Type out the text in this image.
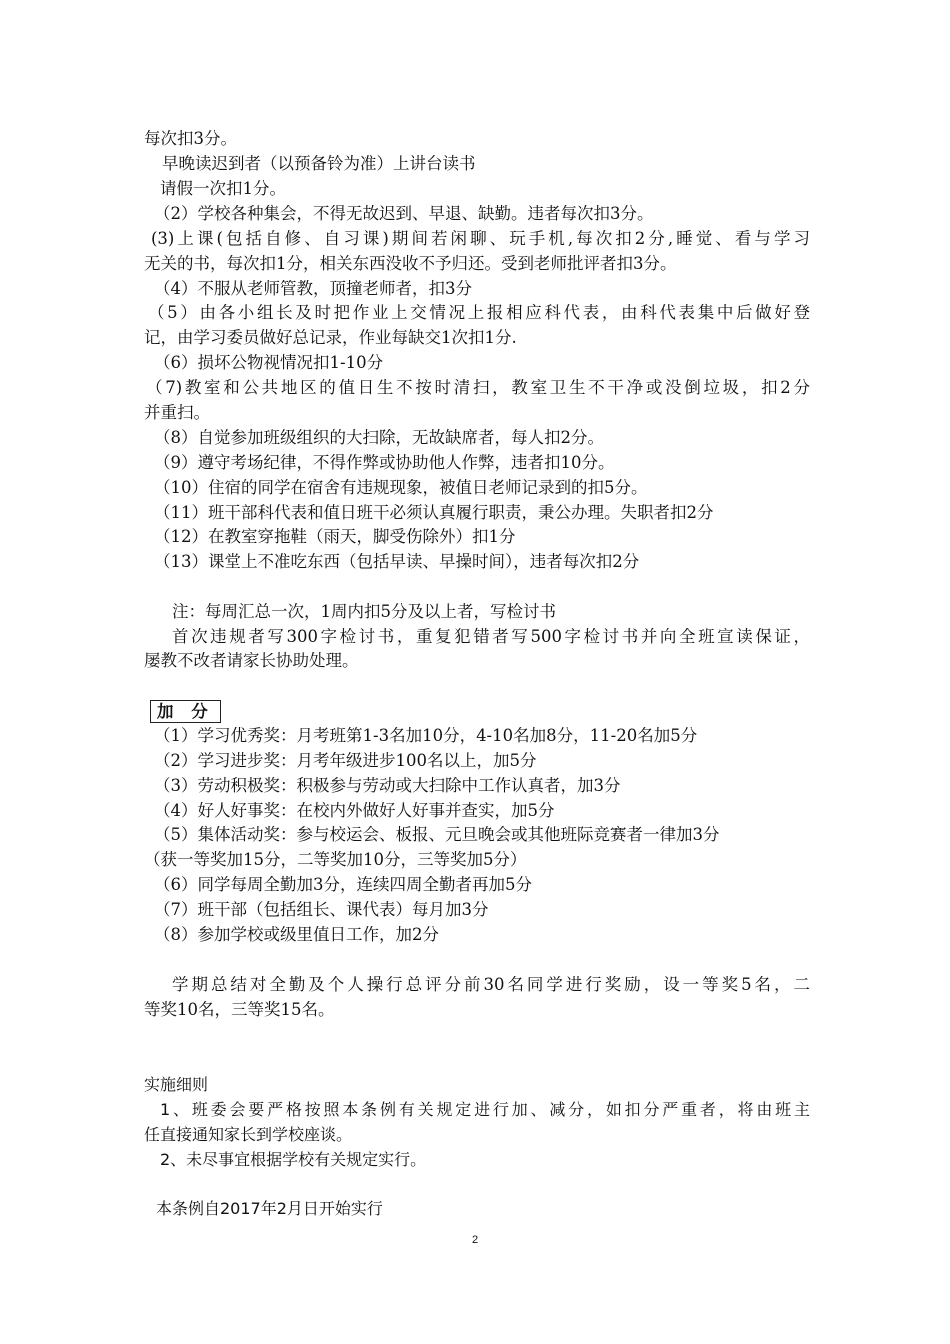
每次扣3分。
早晚读迟到者（以预备铃为准）上讲台读书
请假一次扣1分。
（2）学校各种集会，不得无故迟到、早退、缺勤。违者每次扣3分。
(3)上课(包括自修、自习课)期间若闲聊、玩手机,每次扣2分,睡觉、看与学习
无关的书，每次扣1分，相关东西没收不予归还。受到老师批评者扣3分。
（4）不服从老师管教，顶撞老师者，扣3分
（5）由各小组长及时把作业上交情况上报相应科代表，由科代表集中后做好登
记，由学习委员做好总记录，作业每缺交1次扣1分.
（6）损坏公物视情况扣1-10分
（7)教室和公共地区的值日生不按时清扫，教室卫生不干净或没倒垃圾，扣2分
并重扫。
（8）自觉参加班级组织的大扫除，无故缺席者，每人扣2分。
（9）遵守考场纪律，不得作弊或协助他人作弊，违者扣10分。
（10）住宿的同学在宿舍有违规现象，被值日老师记录到的扣5分。
（11）班干部科代表和值日班干必须认真履行职责，秉公办理。失职者扣2分
（12）在教室穿拖鞋（雨天，脚受伤除外）扣1分
（13）课堂上不准吃东西（包括早读、早操时间），违者每次扣2分
注：每周汇总一次，1周内扣5分及以上者，写检讨书
首次违规者写300字检讨书，重复犯错者写500字检讨书并向全班宣读保证，
屡教不改者请家长协助处理。
加 分
（1）学习优秀奖：月考班第1-3名加10分，4-10名加8分，11-20名加5分
（2）学习进步奖：月考年级进步100名以上，加5分
（3）劳动积极奖：积极参与劳动或大扫除中工作认真者，加3分
（4）好人好事奖：在校内外做好人好事并查实，加5分
（5）集体活动奖：参与校运会、板报、元旦晚会或其他班际竞赛者一律加3分
（获一等奖加15分，二等奖加10分，三等奖加5分）
（6）同学每周全勤加3分，连续四周全勤者再加5分
（7）班干部（包括组长、课代表）每月加3分
（8）参加学校或级里值日工作，加2分
学期总结对全勤及个人操行总评分前30名同学进行奖励，设一等奖5名，二
等奖10名，三等奖15名。
实施细则
1、班委会要严格按照本条例有关规定进行加、减分，如扣分严重者，将由班主
任直接通知家长到学校座谈。
2、未尽事宜根据学校有关规定实行。
本条例自2017年2月日开始实行
2
